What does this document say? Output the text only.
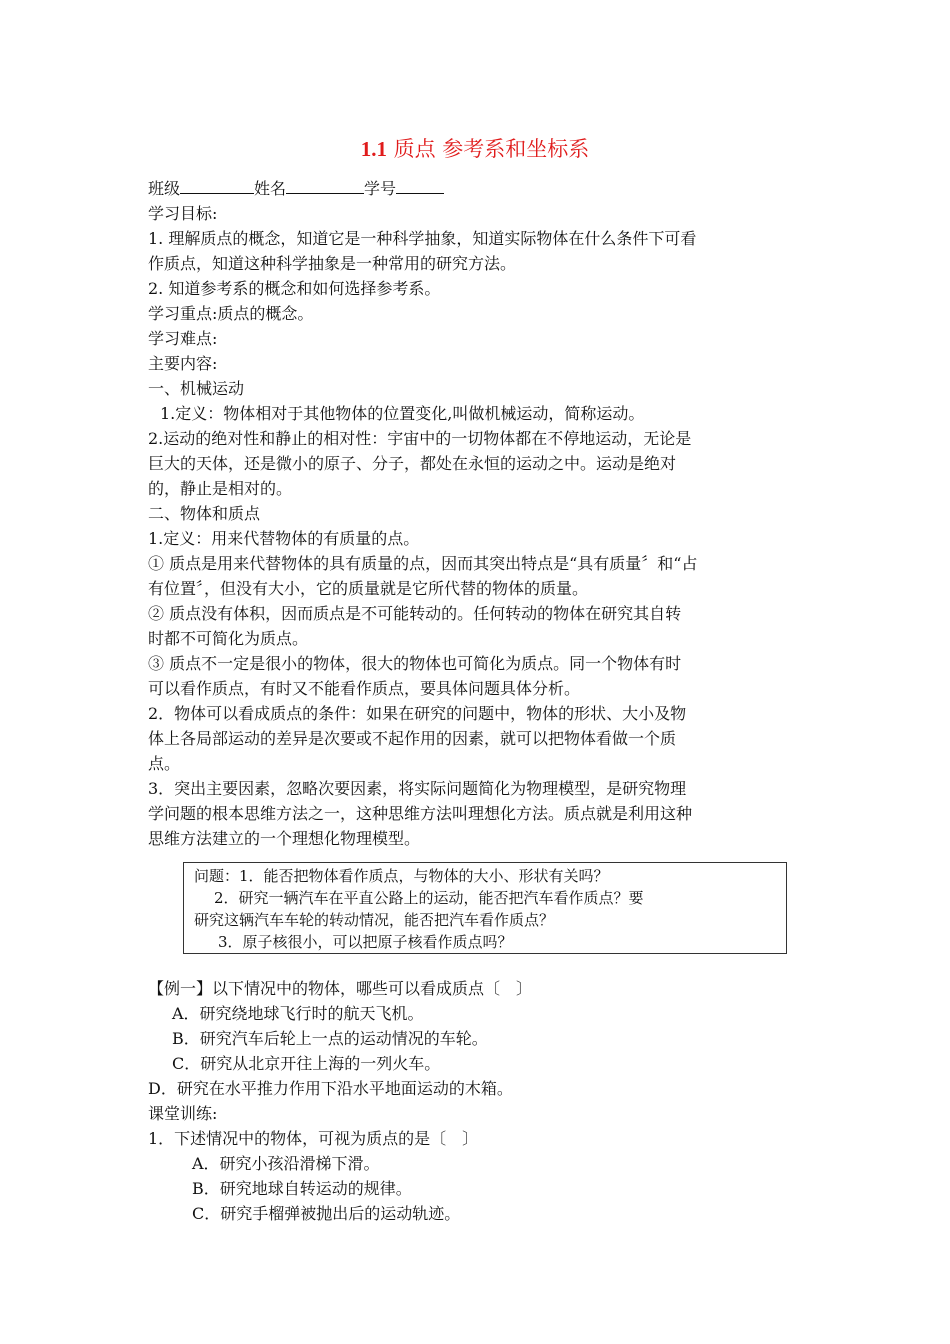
1.1 质点 参考系和坐标系

班级	姓名	学号

学习目标:

1. 理解质点的概念，知道它是一种科学抽象，知道实际物体在什么条件下可看

作质点，知道这种科学抽象是一种常用的研究方法。

2. 知道参考系的概念和如何选择参考系。

学习重点:质点的概念。

学习难点:

主要内容:

一、机械运动

1.定义：物体相对于其他物体的位置变化,叫做机械运动，简称运动。

2.运动的绝对性和静止的相对性：宇宙中的一切物体都在不停地运动，无论是

巨大的天体，还是微小的原子、分子，都处在永恒的运动之中。运动是绝对

的，静止是相对的。

二、物体和质点

1.定义：用来代替物体的有质量的点。

① 质点是用来代替物体的具有质量的点，因而其突出特点是“具有质量〞和“占

有位置〞，但没有大小，它的质量就是它所代替的物体的质量。

② 质点没有体积，因而质点是不可能转动的。任何转动的物体在研究其自转

时都不可简化为质点。

③ 质点不一定是很小的物体，很大的物体也可简化为质点。同一个物体有时

可以看作质点，有时又不能看作质点，要具体问题具体分析。

2．物体可以看成质点的条件：如果在研究的问题中，物体的形状、大小及物

体上各局部运动的差异是次要或不起作用的因素，就可以把物体看做一个质

点。

3．突出主要因素，忽略次要因素，将实际问题简化为物理模型，是研究物理

学问题的根本思维方法之一，这种思维方法叫理想化方法。质点就是利用这种

思维方法建立的一个理想化物理模型。

问题：1．能否把物体看作质点，与物体的大小、形状有关吗？

2．研究一辆汽车在平直公路上的运动，能否把汽车看作质点？要

研究这辆汽车车轮的转动情况，能否把汽车看作质点？

3．原子核很小，可以把原子核看作质点吗？

【例一】以下情况中的物体，哪些可以看成质点〔　〕

A．研究绕地球飞行时的航天飞机。

B．研究汽车后轮上一点的运动情况的车轮。

C．研究从北京开往上海的一列火车。

D．研究在水平推力作用下沿水平地面运动的木箱。

课堂训练:

1．下述情况中的物体，可视为质点的是〔　〕

A．研究小孩沿滑梯下滑。

B．研究地球自转运动的规律。

C．研究手榴弹被抛出后的运动轨迹。
